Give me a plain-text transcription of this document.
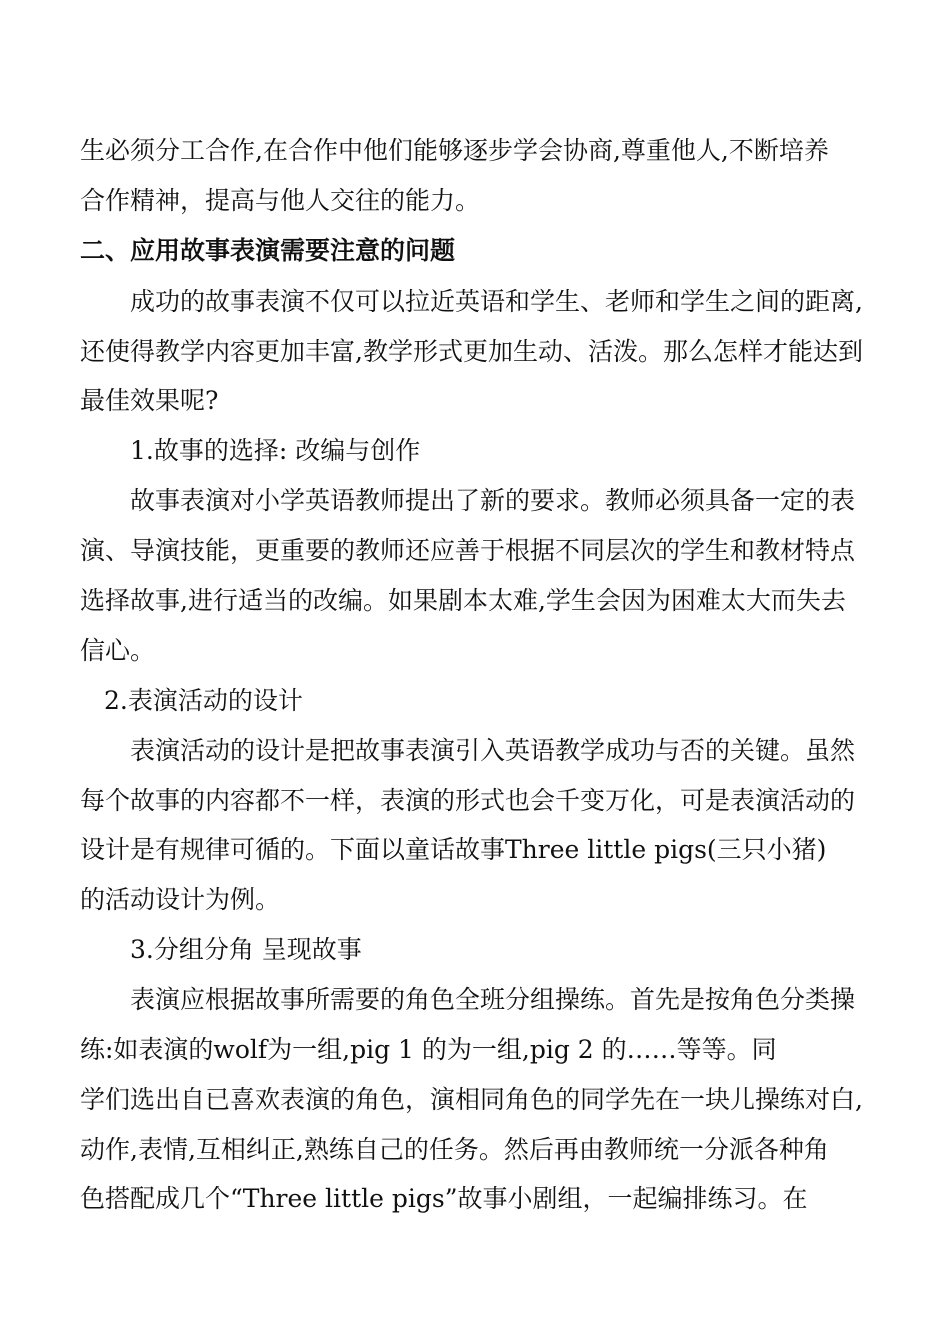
生必须分工合作,在合作中他们能够逐步学会协商,尊重他人,不断培养
合作精神，提高与他人交往的能力。
二、应用故事表演需要注意的问题
成功的故事表演不仅可以拉近英语和学生、老师和学生之间的距离,
还使得教学内容更加丰富,教学形式更加生动、活泼。那么怎样才能达到
最佳效果呢?
1.故事的选择: 改编与创作
故事表演对小学英语教师提出了新的要求。教师必须具备一定的表
演、导演技能，更重要的教师还应善于根据不同层次的学生和教材特点
选择故事,进行适当的改编。如果剧本太难,学生会因为困难太大而失去
信心。
2.表演活动的设计
表演活动的设计是把故事表演引入英语教学成功与否的关键。虽然
每个故事的内容都不一样，表演的形式也会千变万化，可是表演活动的
设计是有规律可循的。下面以童话故事Three little pigs(三只小猪)
的活动设计为例。
3.分组分角 呈现故事
表演应根据故事所需要的角色全班分组操练。首先是按角色分类操
练:如表演的wolf为一组,pig 1 的为一组,pig 2 的……等等。同
学们选出自已喜欢表演的角色，演相同角色的同学先在一块儿操练对白,
动作,表情,互相纠正,熟练自己的任务。然后再由教师统一分派各种角
色搭配成几个“Three little pigs”故事小剧组，一起编排练习。在
